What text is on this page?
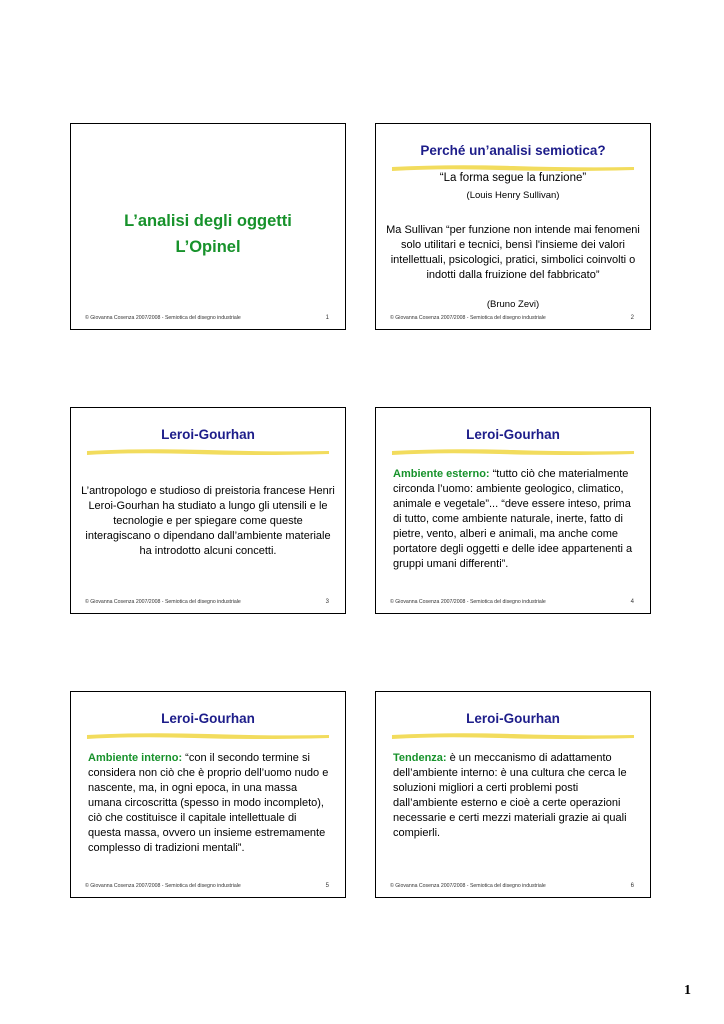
L’analisi degli oggetti
L’Opinel
© Giovanna Cosenza 2007/2008 - Semiotica del disegno industriale	1
Perché un’analisi semiotica?
“La forma segue la funzione”
(Louis Henry Sullivan)
Ma Sullivan “per funzione non intende mai fenomeni solo utilitari e tecnici, bensì l'insieme dei valori intellettuali, psicologici, pratici, simbolici coinvolti o indotti dalla fruizione del fabbricato”
(Bruno Zevi)
© Giovanna Cosenza 2007/2008 - Semiotica del disegno industriale	2
Leroi-Gourhan
L’antropologo e studioso di preistoria francese Henri Leroi-Gourhan ha studiato a lungo gli utensili e le tecnologie e per spiegare come queste interagiscano o dipendano dall’ambiente materiale ha introdotto alcuni concetti.
© Giovanna Cosenza 2007/2008 - Semiotica del disegno industriale	3
Leroi-Gourhan
Ambiente esterno: “tutto ciò che materialmente circonda l’uomo: ambiente geologico, climatico, animale e vegetale”... “deve essere inteso, prima di tutto, come ambiente naturale, inerte, fatto di pietre, vento, alberi e animali, ma anche come portatore degli oggetti e delle idee appartenenti a gruppi umani differenti”.
© Giovanna Cosenza 2007/2008 - Semiotica del disegno industriale	4
Leroi-Gourhan
Ambiente interno: “con il secondo termine si considera non ciò che è proprio dell’uomo nudo e nascente, ma, in ogni epoca, in una massa umana circoscritta (spesso in modo incompleto), ciò che costituisce il capitale intellettuale di questa massa, ovvero un insieme estremamente complesso di tradizioni mentali”.
© Giovanna Cosenza 2007/2008 - Semiotica del disegno industriale	5
Leroi-Gourhan
Tendenza: è un meccanismo di adattamento dell’ambiente interno: è una cultura che cerca le soluzioni migliori a certi problemi posti dall’ambiente esterno e cioè a certe operazioni necessarie e certi mezzi materiali grazie ai quali compierli.
© Giovanna Cosenza 2007/2008 - Semiotica del disegno industriale	6
1
